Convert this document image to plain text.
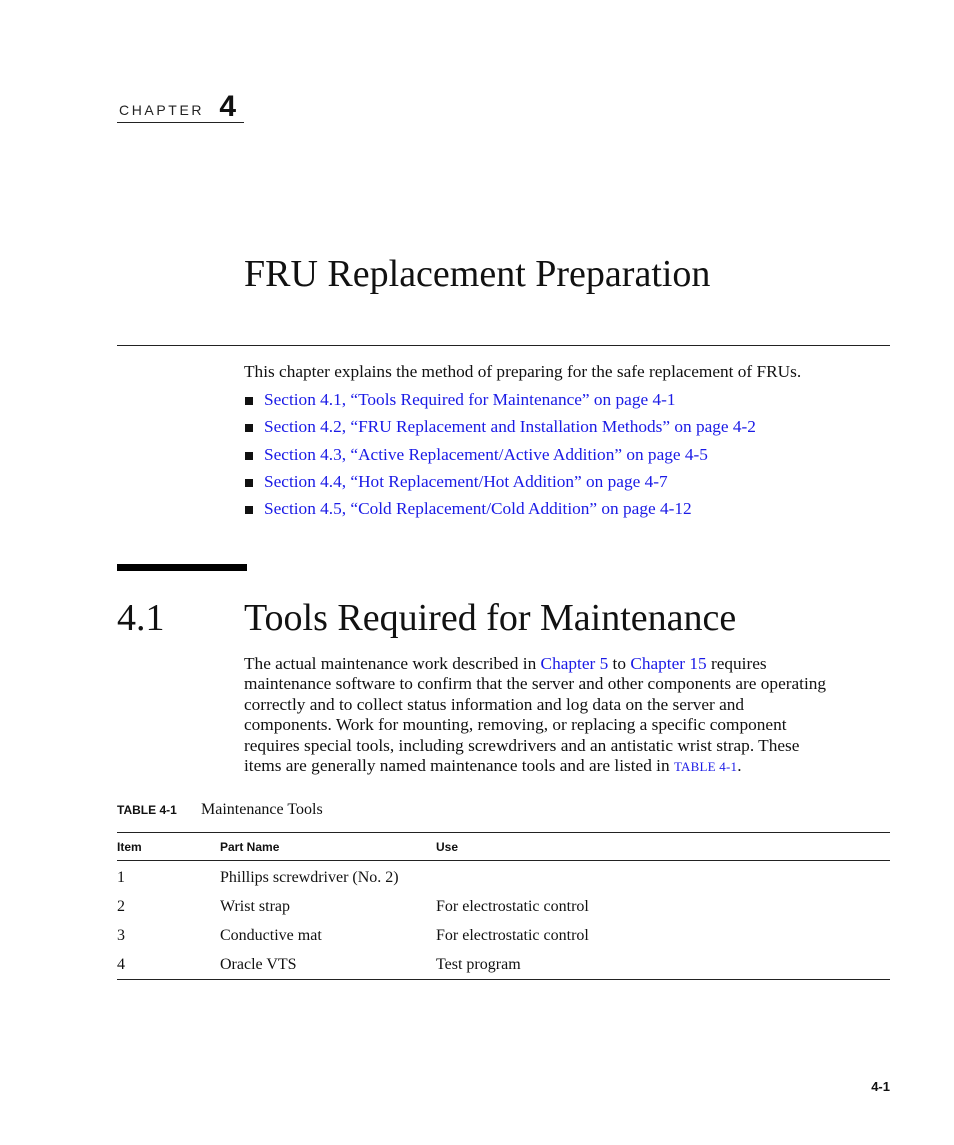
CHAPTER 4
FRU Replacement Preparation
This chapter explains the method of preparing for the safe replacement of FRUs.
Section 4.1, “Tools Required for Maintenance” on page 4-1
Section 4.2, “FRU Replacement and Installation Methods” on page 4-2
Section 4.3, “Active Replacement/Active Addition” on page 4-5
Section 4.4, “Hot Replacement/Hot Addition” on page 4-7
Section 4.5, “Cold Replacement/Cold Addition” on page 4-12
4.1 Tools Required for Maintenance
The actual maintenance work described in Chapter 5 to Chapter 15 requires
maintenance software to confirm that the server and other components are operating
correctly and to collect status information and log data on the server and
components. Work for mounting, removing, or replacing a specific component
requires special tools, including screwdrivers and an antistatic wrist strap. These
items are generally named maintenance tools and are listed in TABLE 4-1.
TABLE 4-1 Maintenance Tools
Item	Part Name	Use
1	Phillips screwdriver (No. 2)	
2	Wrist strap	For electrostatic control
3	Conductive mat	For electrostatic control
4	Oracle VTS	Test program
4-1
